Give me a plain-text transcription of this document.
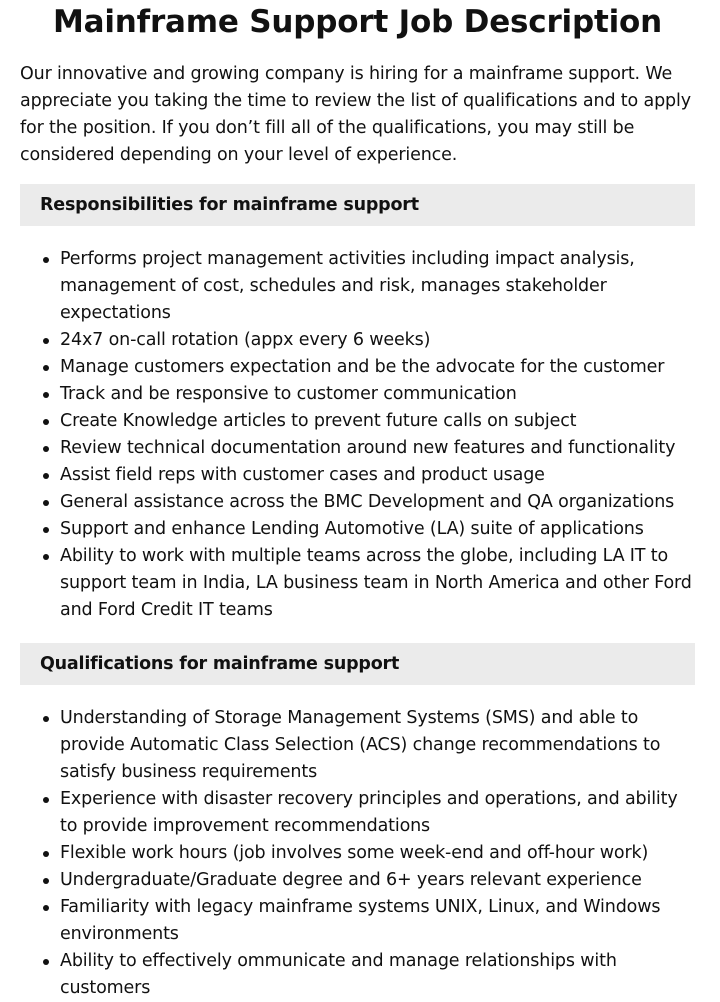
Mainframe Support Job Description

Our innovative and growing company is hiring for a mainframe support. We appreciate you taking the time to review the list of qualifications and to apply for the position. If you don’t fill all of the qualifications, you may still be considered depending on your level of experience.

Responsibilities for mainframe support
Performs project management activities including impact analysis, management of cost, schedules and risk, manages stakeholder expectations
24x7 on-call rotation (appx every 6 weeks)
Manage customers expectation and be the advocate for the customer
Track and be responsive to customer communication
Create Knowledge articles to prevent future calls on subject
Review technical documentation around new features and functionality
Assist field reps with customer cases and product usage
General assistance across the BMC Development and QA organizations
Support and enhance Lending Automotive (LA) suite of applications
Ability to work with multiple teams across the globe, including LA IT to support team in India, LA business team in North America and other Ford and Ford Credit IT teams
Qualifications for mainframe support
Understanding of Storage Management Systems (SMS) and able to provide Automatic Class Selection (ACS) change recommendations to satisfy business requirements
Experience with disaster recovery principles and operations, and ability to provide improvement recommendations
Flexible work hours (job involves some week-end and off-hour work)
Undergraduate/Graduate degree and 6+ years relevant experience
Familiarity with legacy mainframe systems UNIX, Linux, and Windows environments
Ability to effectively ommunicate and manage relationships with customers
